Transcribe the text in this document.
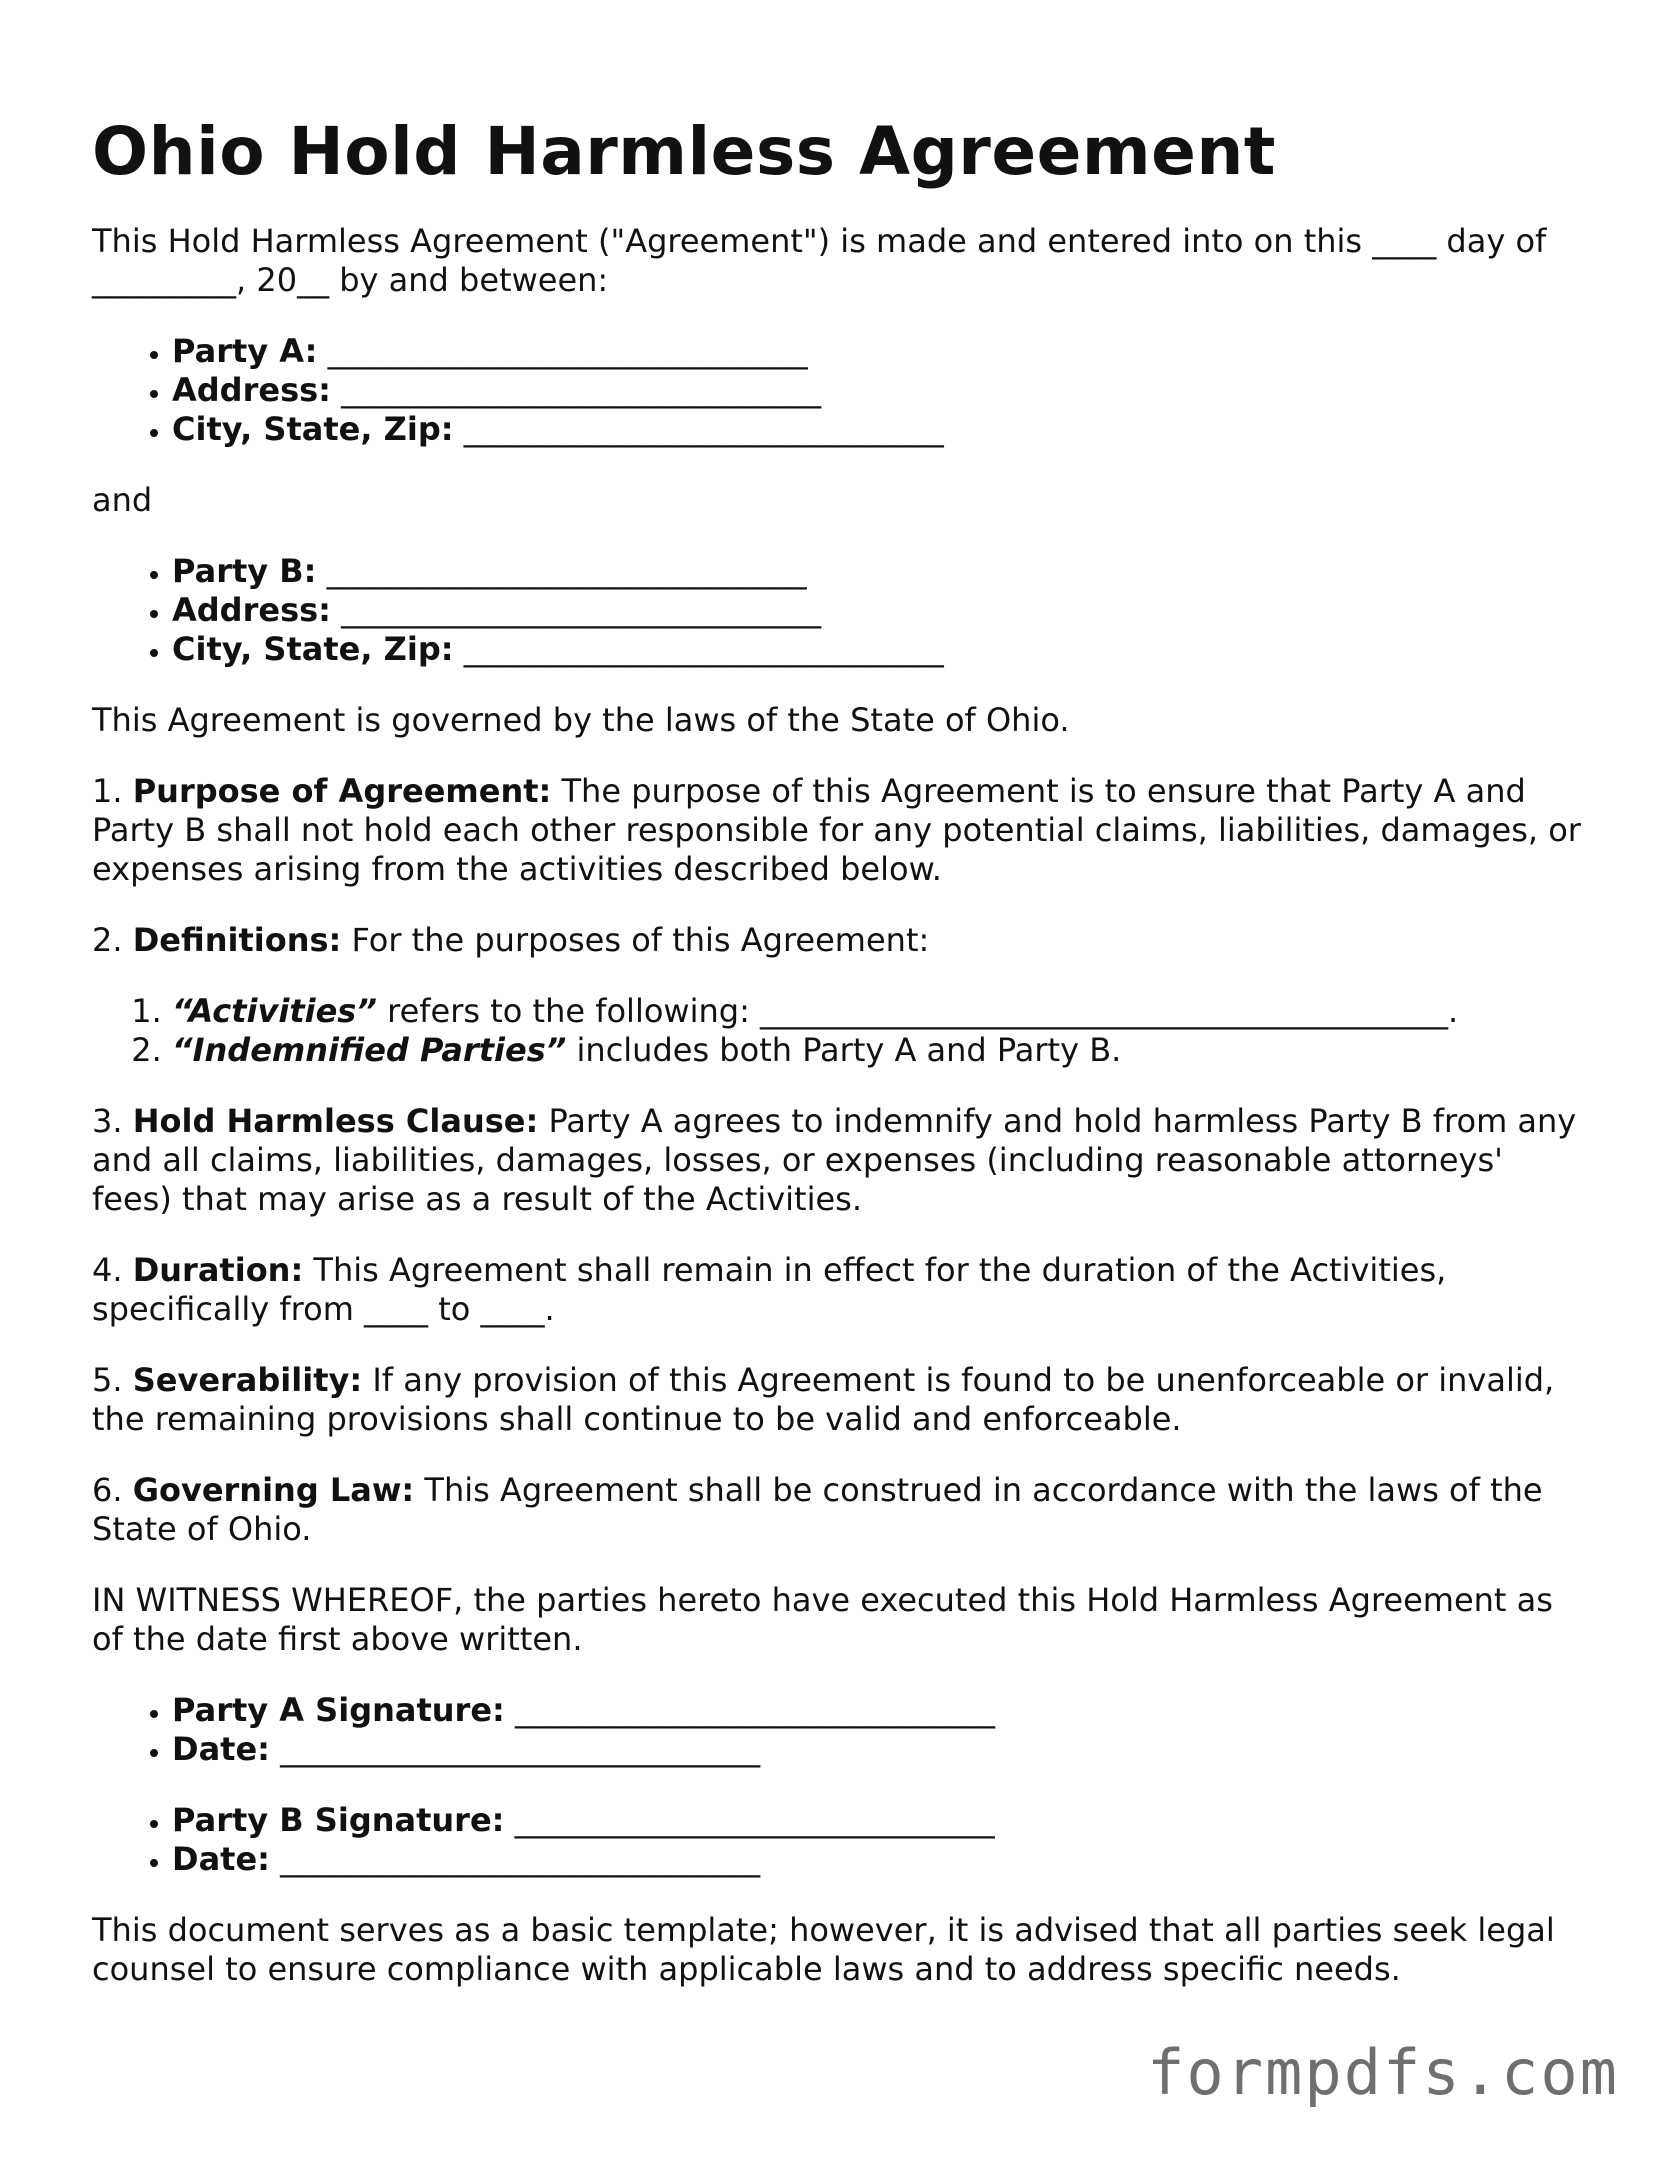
Ohio Hold Harmless Agreement

This Hold Harmless Agreement ("Agreement") is made and entered into on this ____ day of _________, 20__ by and between:

• Party A: ______________________________
• Address: ______________________________
• City, State, Zip: ______________________________

and

• Party B: ______________________________
• Address: ______________________________
• City, State, Zip: ______________________________

This Agreement is governed by the laws of the State of Ohio.

1. Purpose of Agreement: The purpose of this Agreement is to ensure that Party A and Party B shall not hold each other responsible for any potential claims, liabilities, damages, or expenses arising from the activities described below.

2. Definitions: For the purposes of this Agreement:

1. “Activities” refers to the following: ___________________________________________.
2. “Indemnified Parties” includes both Party A and Party B.

3. Hold Harmless Clause: Party A agrees to indemnify and hold harmless Party B from any and all claims, liabilities, damages, losses, or expenses (including reasonable attorneys' fees) that may arise as a result of the Activities.

4. Duration: This Agreement shall remain in effect for the duration of the Activities, specifically from ____ to ____.

5. Severability: If any provision of this Agreement is found to be unenforceable or invalid, the remaining provisions shall continue to be valid and enforceable.

6. Governing Law: This Agreement shall be construed in accordance with the laws of the State of Ohio.

IN WITNESS WHEREOF, the parties hereto have executed this Hold Harmless Agreement as of the date first above written.

• Party A Signature: ______________________________
• Date: ______________________________
• Party B Signature: ______________________________
• Date: ______________________________

This document serves as a basic template; however, it is advised that all parties seek legal counsel to ensure compliance with applicable laws and to address specific needs.

formpdfs.com
